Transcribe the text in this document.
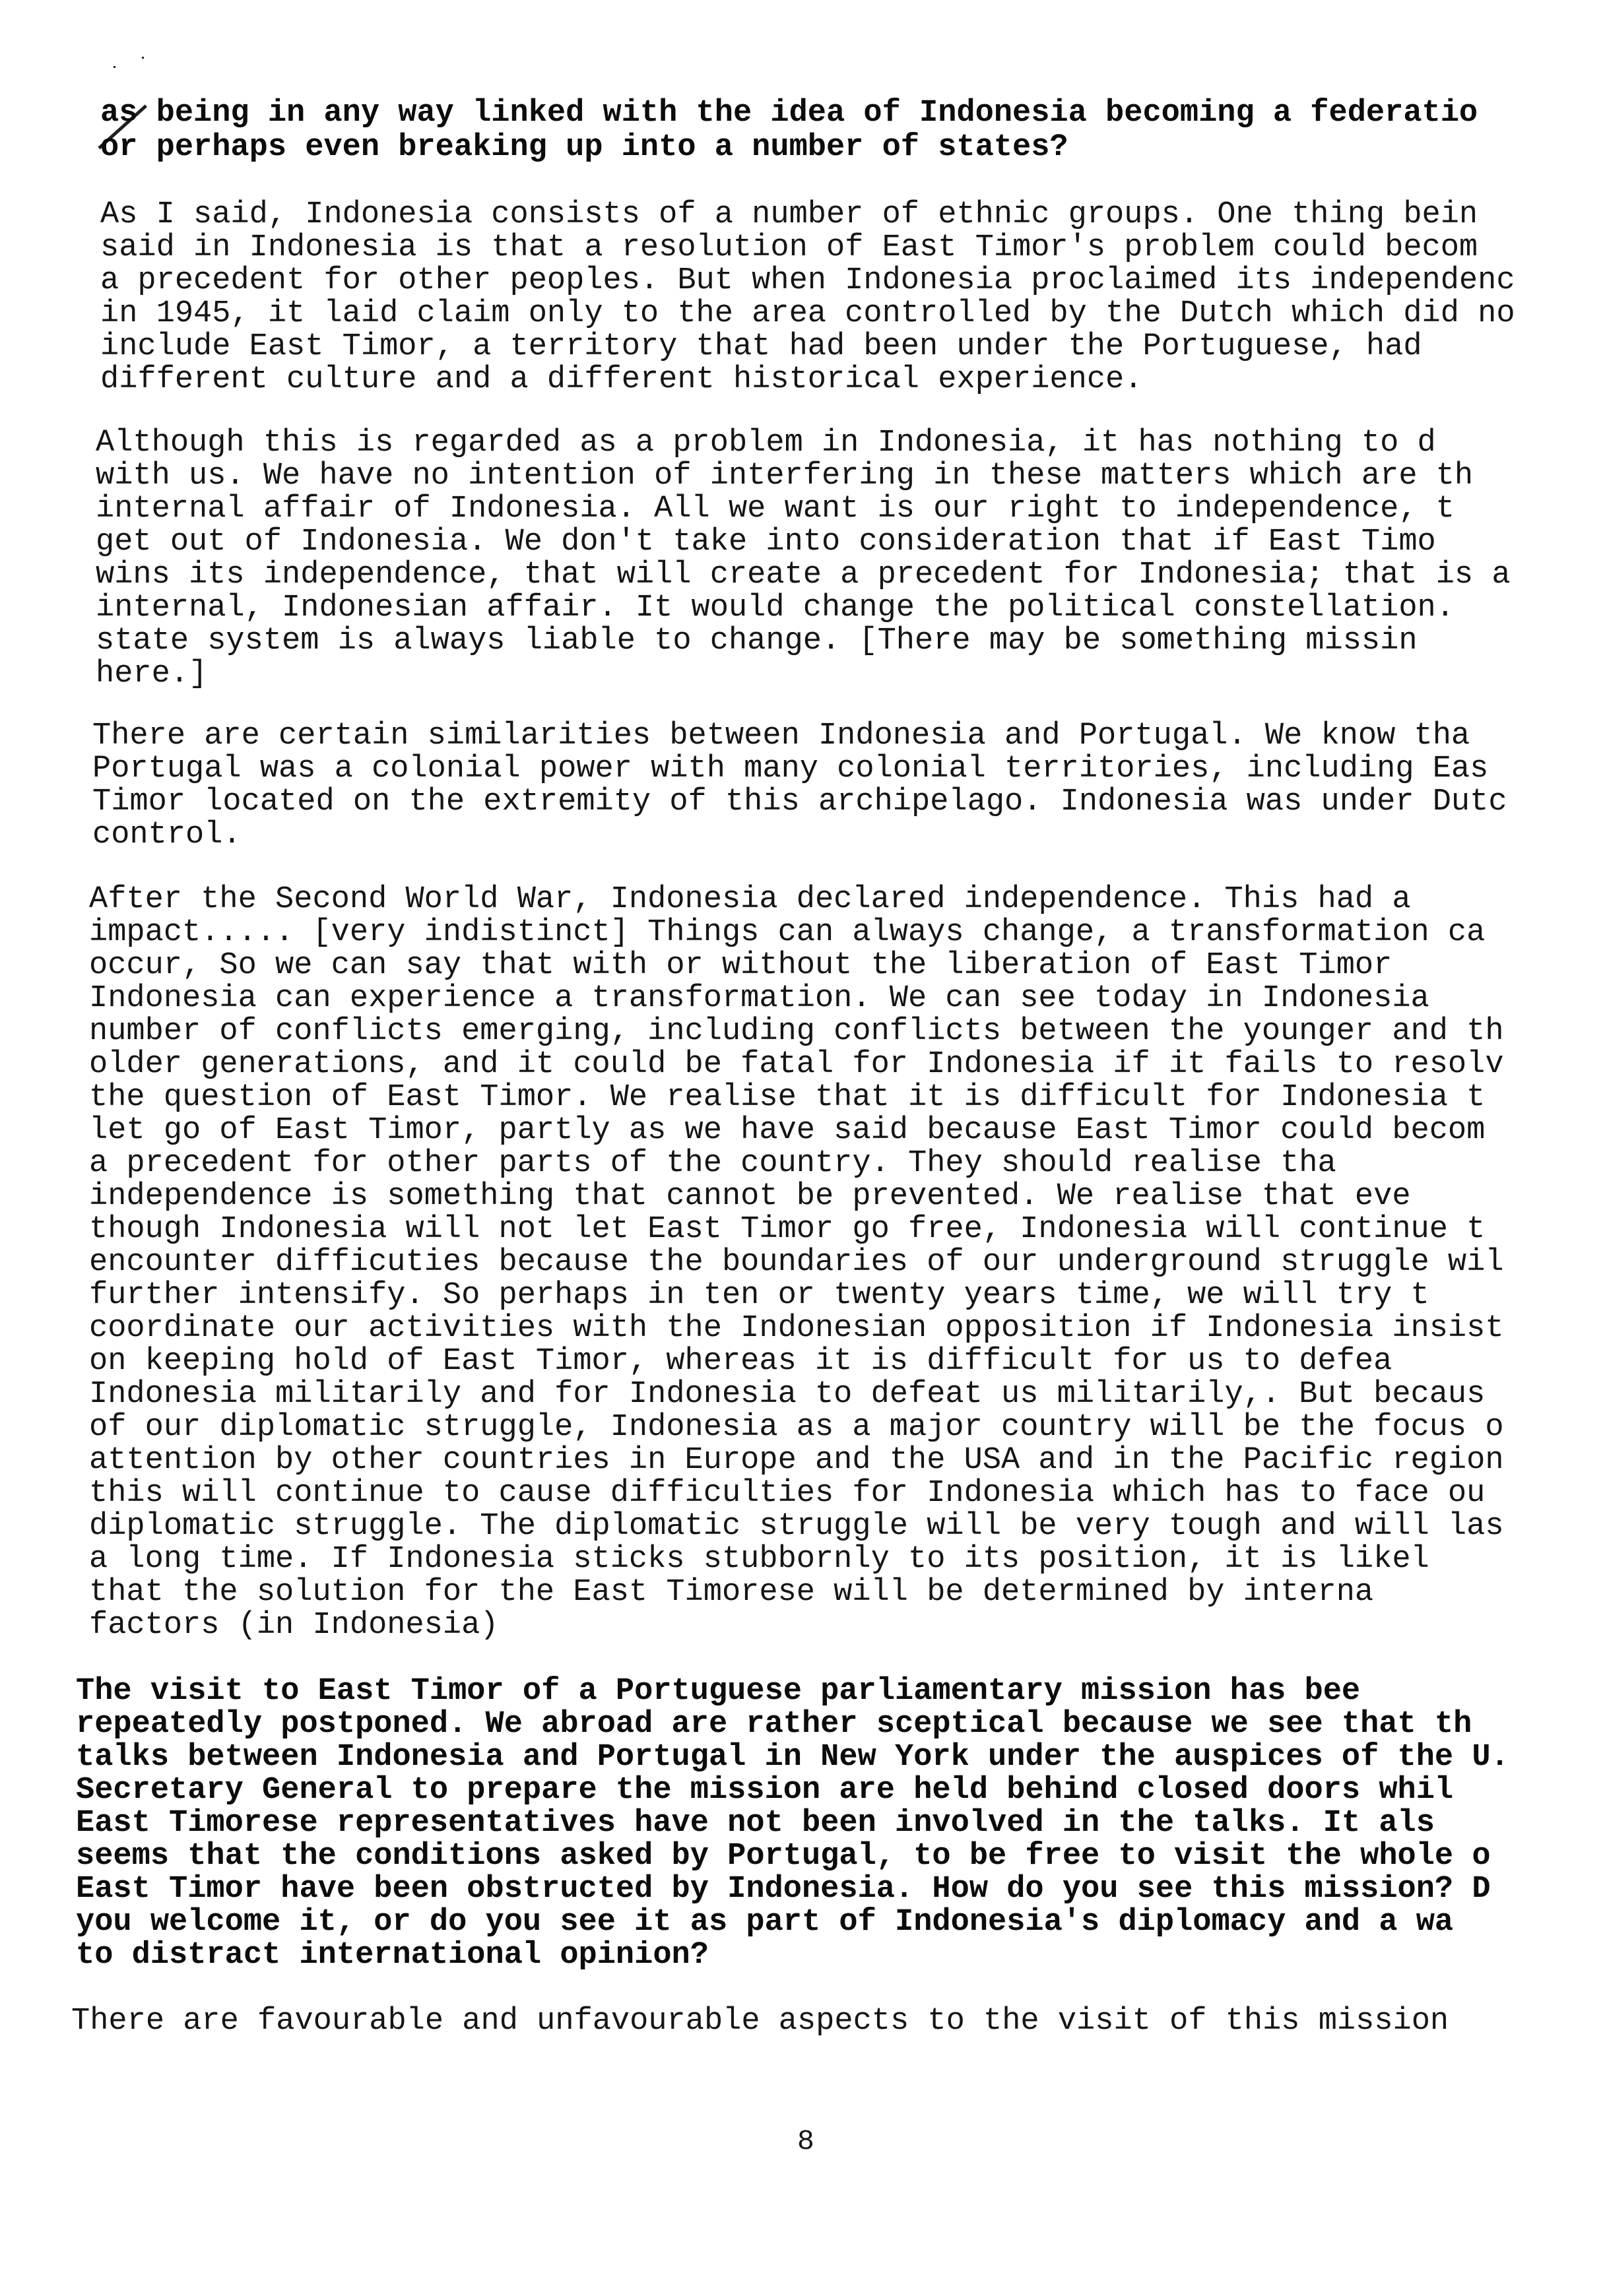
as being in any way linked with the idea of Indonesia becoming a federatio
or perhaps even breaking up into a number of states?
As I said, Indonesia consists of a number of ethnic groups. One thing bein
said in Indonesia is that a resolution of East Timor's problem could becom
a precedent for other peoples. But when Indonesia proclaimed its independenc
in 1945, it laid claim only to the area controlled by the Dutch which did no
include East Timor, a territory that had been under the Portuguese, had
different culture and a different historical experience.
Although this is regarded as a problem in Indonesia, it has nothing to d
with us. We have no intention of interfering in these matters which are th
internal affair of Indonesia. All we want is our right to independence, t
get out of Indonesia. We don't take into consideration that if East Timo
wins its independence, that will create a precedent for Indonesia; that is a
internal, Indonesian affair. It would change the political constellation.
state system is always liable to change. [There may be something missin
here.]
There are certain similarities between Indonesia and Portugal. We know tha
Portugal was a colonial power with many colonial territories, including Eas
Timor located on the extremity of this archipelago. Indonesia was under Dutc
control.
After the Second World War, Indonesia declared independence. This had a
impact..... [very indistinct] Things can always change, a transformation ca
occur, So we can say that with or without the liberation of East Timor
Indonesia can experience a transformation. We can see today in Indonesia
number of conflicts emerging, including conflicts between the younger and th
older generations, and it could be fatal for Indonesia if it fails to resolv
the question of East Timor. We realise that it is difficult for Indonesia t
let go of East Timor, partly as we have said because East Timor could becom
a precedent for other parts of the country. They should realise tha
independence is something that cannot be prevented. We realise that eve
though Indonesia will not let East Timor go free, Indonesia will continue t
encounter difficuties because the boundaries of our underground struggle wil
further intensify. So perhaps in ten or twenty years time, we will try t
coordinate our activities with the Indonesian opposition if Indonesia insist
on keeping hold of East Timor, whereas it is difficult for us to defea
Indonesia militarily and for Indonesia to defeat us militarily,. But becaus
of our diplomatic struggle, Indonesia as a major country will be the focus o
attention by other countries in Europe and the USA and in the Pacific region
this will continue to cause difficulties for Indonesia which has to face ou
diplomatic struggle. The diplomatic struggle will be very tough and will las
a long time. If Indonesia sticks stubbornly to its position, it is likel
that the solution for the East Timorese will be determined by interna
factors (in Indonesia)
The visit to East Timor of a Portuguese parliamentary mission has bee
repeatedly postponed. We abroad are rather sceptical because we see that th
talks between Indonesia and Portugal in New York under the auspices of the U.
Secretary General to prepare the mission are held behind closed doors whil
East Timorese representatives have not been involved in the talks. It als
seems that the conditions asked by Portugal, to be free to visit the whole o
East Timor have been obstructed by Indonesia. How do you see this mission? D
you welcome it, or do you see it as part of Indonesia's diplomacy and a wa
to distract international opinion?
There are favourable and unfavourable aspects to the visit of this mission
8
